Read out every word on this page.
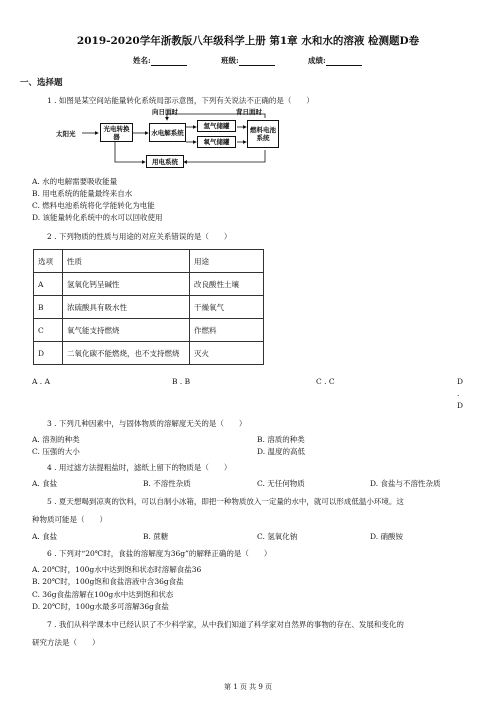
2019-2020学年浙教版八年级科学上册 第1章 水和水的溶液 检测题D卷
姓名:	班级:	成绩:
一、选择题
1 . 如图是某空间站能量转化系统局部示意图，下列有关说法不正确的是（　　）
向日面时	背日面时
太阳光
光电转换器	水电解系统
氢气储罐
氧气储罐
燃料电池系统
用电系统
A. 水的电解需要吸收能量
B. 用电系统的能量最终来自水
C. 燃料电池系统将化学能转化为电能
D. 该能量转化系统中的水可以回收使用
2 . 下列物质的性质与用途的对应关系错误的是（　　）
选项	性质	用途
A	氢氧化钙呈碱性	改良酸性土壤
B	浓硫酸具有吸水性	干燥氧气
C	氧气能支持燃烧	作燃料
D	二氧化碳不能燃烧，也不支持燃烧	灭火
A . A	B . B	C . C	D
.
D
3 . 下列几种因素中，与固体物质的溶解度无关的是（　　）
A. 溶剂的种类	B. 溶质的种类
C. 压强的大小	D. 温度的高低
4 . 用过滤方法提粗盐时，滤纸上留下的物质是（　　）
A. 食盐	B. 不溶性杂质	C. 无任何物质	D. 食盐与不溶性杂质
5 . 夏天想喝到凉爽的饮料，可以自制小冰箱，即把一种物质放入一定量的水中，就可以形成低温小环境。这
种物质可能是（　　）
A. 食盐	B. 蔗糖	C. 氢氧化钠	D. 硝酸铵
6 . 下列对“20℃时，食盐的溶解度为36g”的解释正确的是（　　）
A. 20℃时，100g水中达到饱和状态时溶解食盐36
B. 20℃时，100g饱和食盐溶液中含36g食盐
C. 36g食盐溶解在100g水中达到饱和状态
D. 20℃时，100g水最多可溶解36g食盐
7 . 我们从科学课本中已经认识了不少科学家，从中我们知道了科学家对自然界的事物的存在、发展和变化的
研究方法是（　　）
第 1 页 共 9 页
